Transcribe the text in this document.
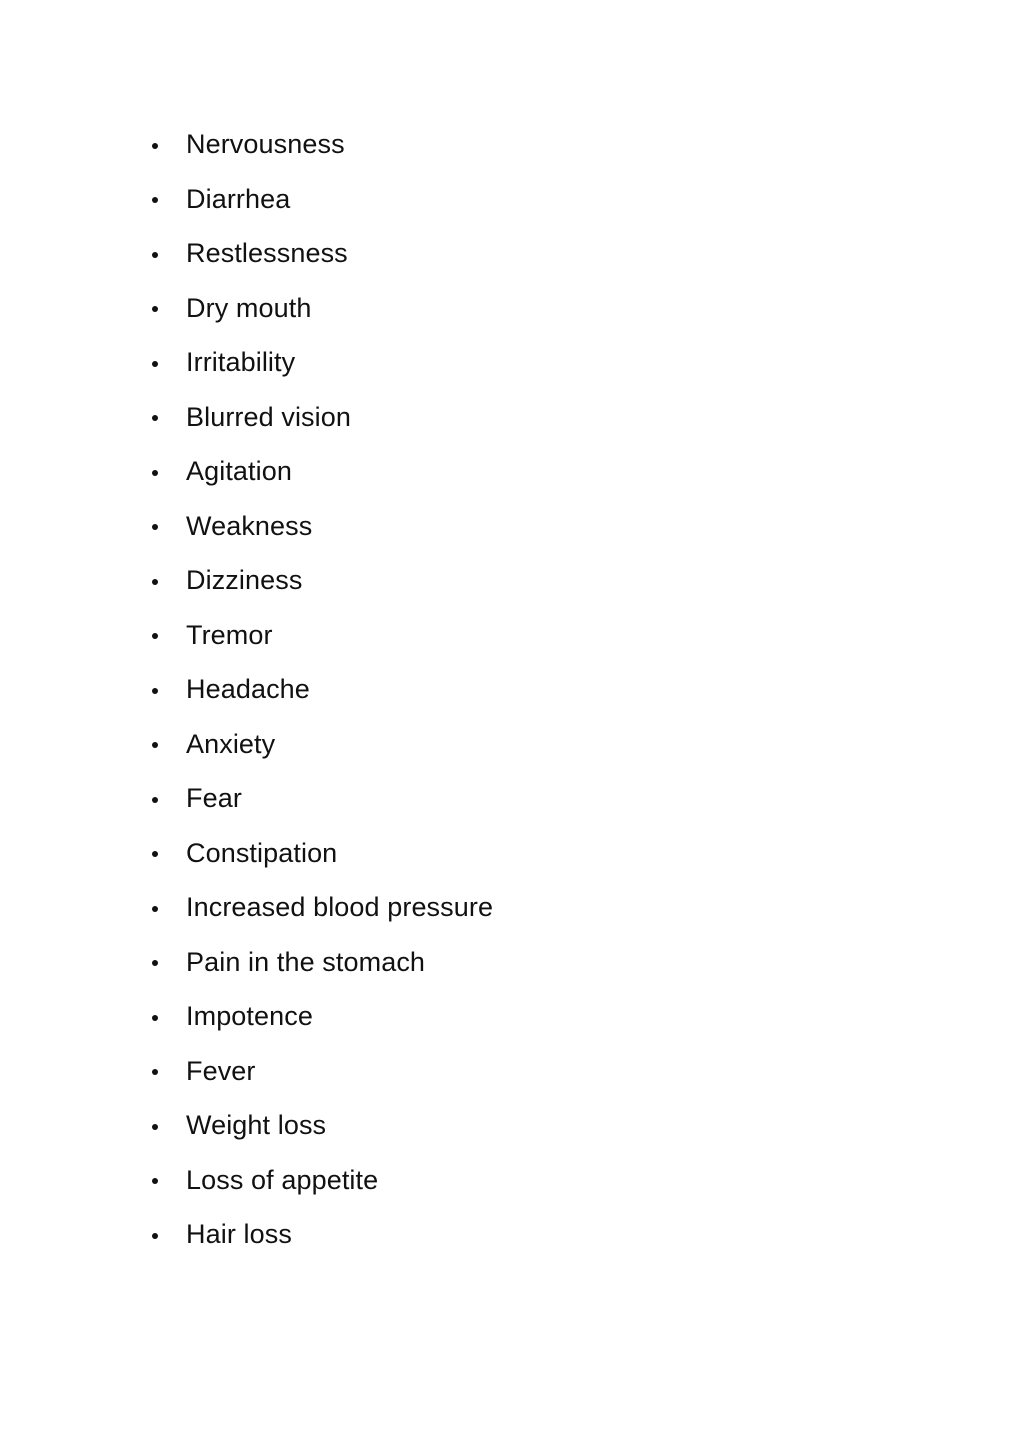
Nervousness
Diarrhea
Restlessness
Dry mouth
Irritability
Blurred vision
Agitation
Weakness
Dizziness
Tremor
Headache
Anxiety
Fear
Constipation
Increased blood pressure
Pain in the stomach
Impotence
Fever
Weight loss
Loss of appetite
Hair loss
